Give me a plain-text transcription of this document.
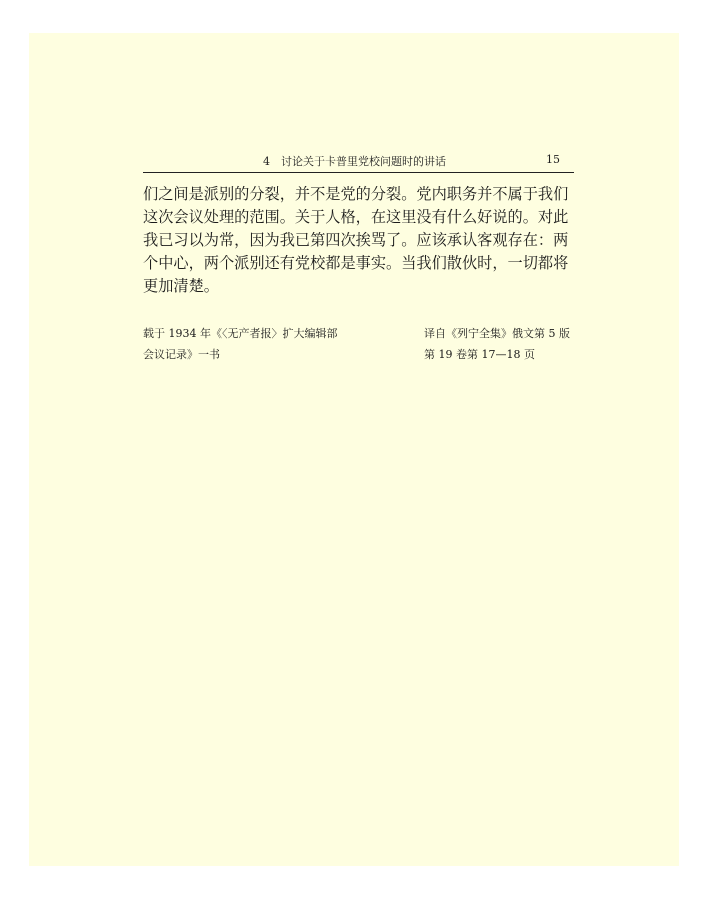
4　讨论关于卡普里党校问题时的讲话	15
们之间是派别的分裂，并不是党的分裂。党内职务并不属于我们
这次会议处理的范围。关于人格，在这里没有什么好说的。对此
我已习以为常，因为我已第四次挨骂了。应该承认客观存在：两
个中心，两个派别还有党校都是事实。当我们散伙时，一切都将
更加清楚。
载于 1934 年《〈无产者报〉扩大编辑部
会议记录》一书
译自《列宁全集》俄文第 5 版
第 19 卷第 17—18 页
